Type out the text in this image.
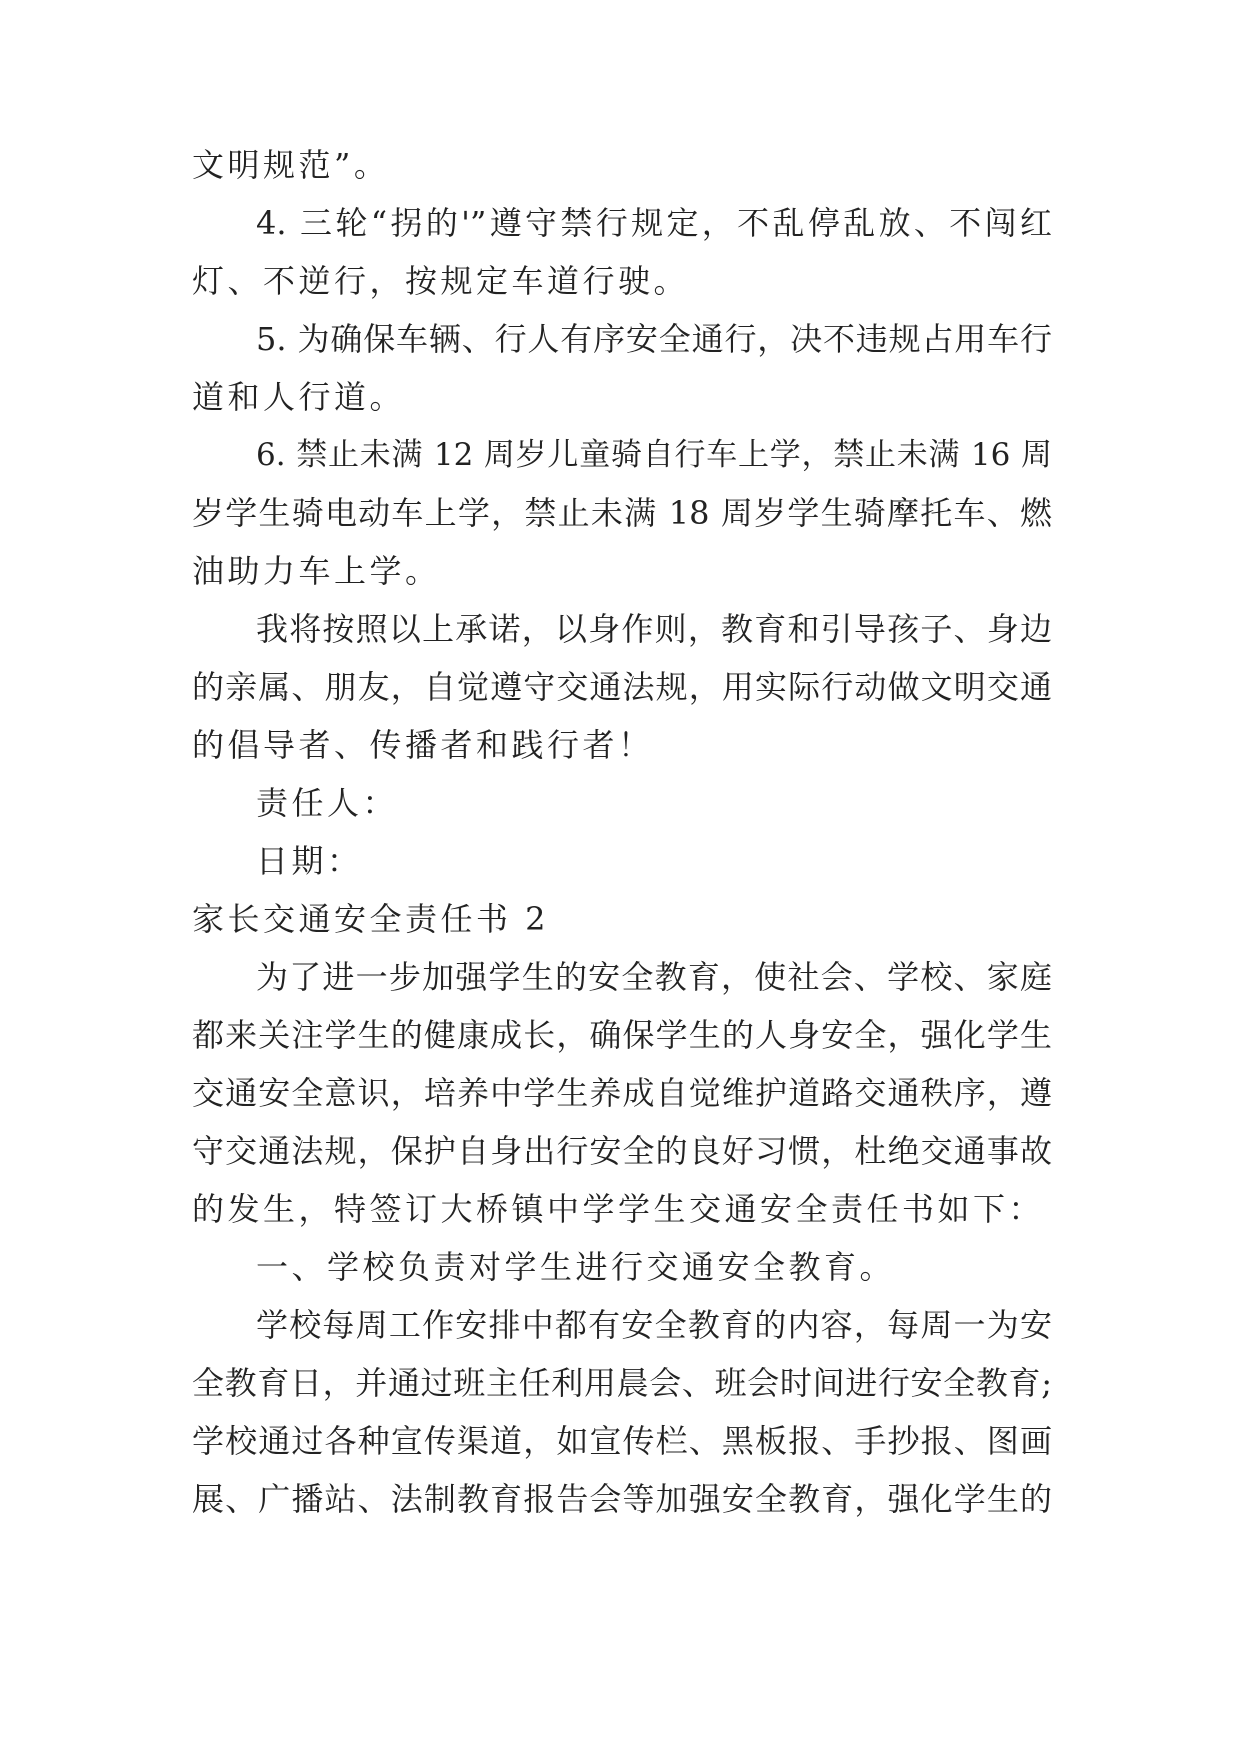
文明规范”。
4. 三轮“拐的'”遵守禁行规定，不乱停乱放、不闯红
灯、不逆行，按规定车道行驶。
5. 为确保车辆、行人有序安全通行，决不违规占用车行
道和人行道。
6. 禁止未满 12 周岁儿童骑自行车上学，禁止未满 16 周
岁学生骑电动车上学，禁止未满 18 周岁学生骑摩托车、燃
油助力车上学。
我将按照以上承诺，以身作则，教育和引导孩子、身边
的亲属、朋友，自觉遵守交通法规，用实际行动做文明交通
的倡导者、传播者和践行者！
责任人：
日期：
家长交通安全责任书 2
为了进一步加强学生的安全教育，使社会、学校、家庭
都来关注学生的健康成长，确保学生的人身安全，强化学生
交通安全意识，培养中学生养成自觉维护道路交通秩序，遵
守交通法规，保护自身出行安全的良好习惯，杜绝交通事故
的发生，特签订大桥镇中学学生交通安全责任书如下：
一、学校负责对学生进行交通安全教育。
学校每周工作安排中都有安全教育的内容，每周一为安
全教育日，并通过班主任利用晨会、班会时间进行安全教育;
学校通过各种宣传渠道，如宣传栏、黑板报、手抄报、图画
展、广播站、法制教育报告会等加强安全教育，强化学生的
